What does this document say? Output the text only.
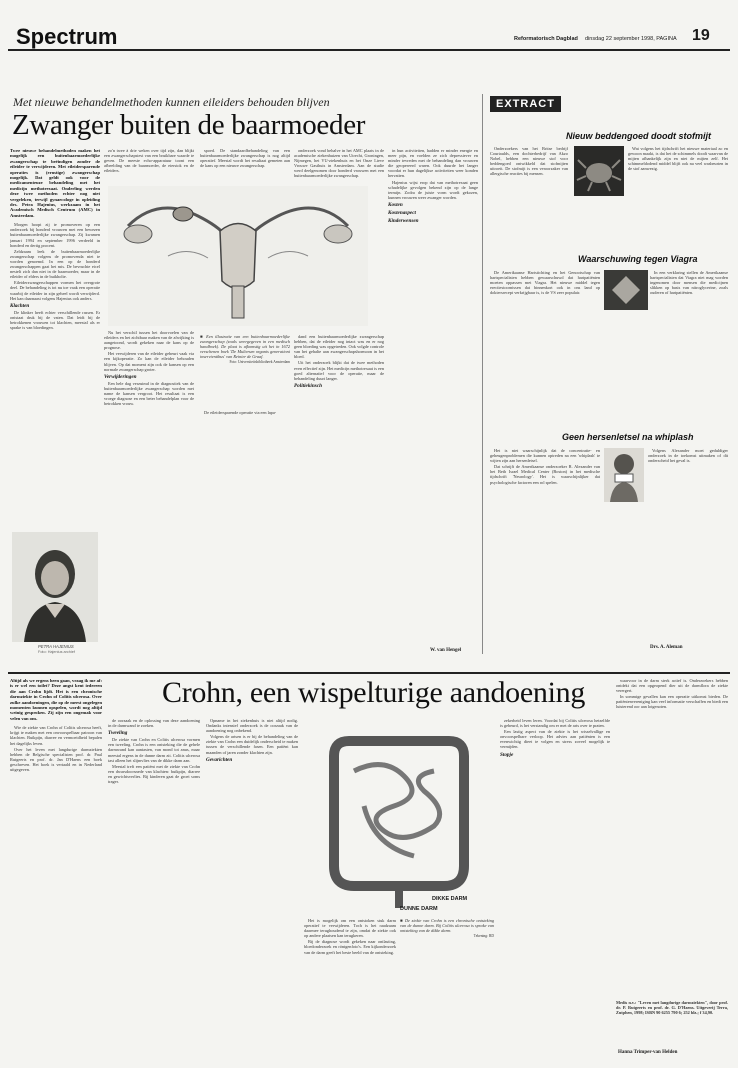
Spectrum	Reformatorisch Dagblad dinsdag 22 september 1998, PAGINA 19
Met nieuwe behandelmethoden kunnen eileiders behouden blijven
Zwanger buiten de baarmoeder
Twee nieuwe behandelmethoden maken het mogelijk een buitenbaarmoederlijke zwangerschap te beëindigen zonder de eileider te verwijderen. Met eileidersparende operaties is (ernstige) zwangerschap mogelijk. Dat geldt ook voor de medicamenteuze behandeling met het medicijn methotrexaat. Onderling werden deze twee methoden echter nog niet vergeleken, terwijl gynaecologe in opleiding drs. Petra Hajenius, werkzaam in het Academisch Medisch Centrum (AMC) in Amsterdam.

Morgen hoopt zij te promoveren op een onderzoek bij honderd vrouwen met een bewezen buitenbaarmoederlijke zwangerschap. Zij kwamen januari 1994 en september 1996 verdeeld in honderd en dertig procent.

Zeldzaam leek de buitenbaarmoederlijke zwangerschap volgens de promovenda niet te worden genoemd. In een op de honderd zwangerschappen gaat het mis. De bevruchte eicel nestelt zich dan niet in de baarmoeder, maar in de eileider of elders in de buikholte.

Eileiderzwangerschappen vormen het overgrote deel. De behandeling is tot nu toe vaak een operatie waarbij de eileider in zijn geheel wordt verwijderd. Het kan daarnaast volgens Hajenius ook anders.

Klachten

De klinker heeft echter verschillende rassen. Er ontstaat druk bij de vaten. Dat leidt bij de betrokkenen vrouwen tot klachten, meestal als er sprake is van bloedingen.

PETRA HAJENIUS
Foto: Hajenius archief

zo'n twee à drie weken over tijd zijn, dan blijkt een zwangerschapstest van een bruikbare waarde te geven. De meeste echo-apparatuur toont een afbeelding van de baarmoeder, de eierstok en de eileiders.

Nu het verschil tussen het doorvoelen van de eileiders en het zichtbaar maken van de afwijking is aangetoond, wordt gekeken naar de kans op de prognose.

Het verwijderen van de eileider gebeurt vaak via een kijkoperatie. Zo kan de eileider behouden blijven. Op dat moment zijn ook de kansen op een normale zwangerschap groter.

Verwijderingen

Een hele dag verzuimd in de diagnostiek van de buitenbaarmoederlijke zwangerschap worden met name de kansen vergroot. Het resultaat is een vroege diagnose en een beter behandelplan voor de betrokken vrouw.

spoed. De standaardbehandeling van een buitenbaarmoederlijke zwangerschap is nog altijd operatief. Meestal wordt het resultaat gemeten aan de kans op een nieuwe zwangerschap.

■ Een illustratie van een buitenbaarmoederlijke zwangerschap (zoals weergegeven in een medisch handboek). De plaat is afkomstig uit het in 1672 verschenen boek 'De Mulierum organis generationi inservientibus' van Reinier de Graaf.

Foto: Universiteitsbibliotheek Amsterdam

De eileidersparende operatie via een lapa-

onderzoek vond behalve in het AMC plaats in de academische ziekenhuizen van Utrecht, Groningen, Nijmegen, het VU-ziekenhuis en het Onze Lieve Vrouwe Gasthuis in Amsterdam. Aan de studie werd deelgenomen door honderd vrouwen met een buitenbaarmoederlijke zwangerschap.

dand een buitenbaarmoederlijke zwangerschap hebben, dat de eileider nog intact was en er nog geen bloeding was opgetreden. Ook volgde controle van het gehalte aan zwangerschapshormoon in het bloed.

Uit het onderzoek blijkt dat de twee methoden even effectief zijn. Het medicijn methotrexaat is een goed alternatief voor de operatie, maar de behandeling duurt langer.

Politiekinsch

in hun activiteiten, hadden er minder energie en meer pijn, en voelden ze zich depressiever en minder tevreden met de behandeling dan vrouwen die geopereerd waren. Ook duurde het langer voordat er hun dagelijkse activiteiten weer konden hervatten.

Hajenius wijst erop dat van methotrexaat geen schadelijke gevolgen bekend zijn op de lange termijn. Zodra de juiste vorm wordt gekozen, kunnen vrouwen weer zwanger worden.

Kosten
Kostenaspect
Kinderwensen
W. van Hengel
EXTRACT
Nieuw beddengoed doodt stofmijt

Onderzoekers van het Britse bedrijf Courtaulds, een dochterbedrijf van Akzo Nobel, hebben een nieuwe stof voor beddengoed ontwikkeld dat stofmijten uitroeit. De stofmijt is een veroorzaker van allergische reacties bij mensen.

Wat volgens het tijdschrift het nieuwe materiaal zo en gewoon maakt, is dat het de schimmels doodt waarvan de mijten afhankelijk zijn en niet de mijten zelf. Het schimmeldodend middel blijft ook na veel wasbeurten in de stof aanwezig.

Waarschuwing tegen Viagra

De Amerikaanse Hartstichting en het Genootschap van hartspecialisten hebben gewaarschuwd dat hartpatiënten moeten oppassen met Viagra. Het nieuwe middel tegen erectiestoornissen dat binnenkort ook in ons land op doktersrecept verkrijgbaar is, is de VS zeer populair.

In een verklaring stellen de Amerikaanse hartspecialisten dat Viagra niet mag worden ingenomen door mensen die medicijnen slikken op basis van nitroglycerine, zoals ouderen of hartpatiënten.

Geen hersenletsel na whiplash

Het is niet waarschijnlijk dat de concentratie- en geheugenproblemen die kunnen optreden na een 'whiplash' te wijten zijn aan hersenletsel.

Dat schrijft de Amerikaanse onderzoeker R. Alexander van het Beth Israel Medical Center (Boston) in het medische tijdschrift 'Neurology'. Het is waarschijnlijker dat psychologische factoren een rol spelen.

Volgens Alexander moet geduldiger onderzoek in de toekomst uitmaken of dit onderscheid het geval is.

Drs. A. Aleman
Crohn, een wispelturige aandoening
Altijd als we ergens heen gaan, vraag ik me af: is er wel een toilet? Deze angst kent iedereen die aan Crohn lijdt. Het is een chronische darmziekte in Crohn of Colitis ulcerosa. Over zulke aandoeningen, die op de meest ongelegen momenten kunnen opspelen, wordt nog altijd weinig gesproken. Zij zijn een ongemak voor velen van ons.

Wie de ziekte van Crohn of Colitis ulcerosa heeft, krijgt te maken met een onvoorspelbaar patroon van klachten. Buikpijn, diarree en vermoeidheid bepalen het dagelijks leven.

Over het leven met langdurige darmziekten hebben de Belgische specialisten prof. dr. Paul Rutgeerts en prof. dr. Jan D'Haens een boek geschreven. Het boek is vertaald en in Nederland uitgegeven.

de oorzaak en de oplossing van deze aandoening in de darmwand te zoeken.

Tweeling

De ziekte van Crohn en Colitis ulcerosa vormen een tweeling. Crohn is een ontsteking die de gehele darmwand kan aantasten, van mond tot anus, maar meestal ergens in de dunne darm zit. Colitis ulcerosa tast alleen het slijmvlies van de dikke darm aan.

Meestal treft een patiënt met de ziekte van Crohn een dwarsdoorsnede van klachten: buikpijn, diarree en gewichtsverlies. Bij kinderen gaat de groei soms trager.

Opname in het ziekenhuis is niet altijd nodig. Ondanks intensief onderzoek is de oorzaak van de aandoening nog onbekend.

Volgens de artsen is er bij de behandeling van de ziekte van Crohn een duidelijk onderscheid te maken tussen de verschillende fasen. Een patiënt kan maanden of jaren zonder klachten zijn.

Gevarichten
DIKKE DARM
DUNNE DARM

Het is mogelijk om een ontstoken stuk darm operatief te verwijderen. Toch is het raadzaam daarmee terughoudend te zijn, omdat de ziekte ook op andere plaatsen kan terugkeren.

Bij de diagnose wordt gekeken naar ontlasting, bloedonderzoek en röntgenfoto's. Een kijkonderzoek van de darm geeft het beste beeld van de ontsteking.

■ De ziekte van Crohn is een chronische ontsteking van de dunne darm. Bij Colitis ulcerosa is sprake van ontsteking van de dikke darm.

Tekening: RD

zekerheid leven leren. Voordat bij Colitis ulcerosa hetzelfde is gebeurd, is het verstandig om er met de arts over te praten.

Een lastig aspect van de ziekte is het wisselvallige en onvoorspelbare verloop. Het advies aan patiënten is een evenwichtig dieet te volgen en stress zoveel mogelijk te vermijden.

Stopje

waarvoor in de darm sterk actief is. Onderzoekers hebben ontdekt dat een opgeopend dier uit de darmflora de ziekte verergert.

In sommige gevallen kan een operatie uitkomst bieden. De patiëntenvereniging kan veel informatie verschaffen en biedt een luisterend oor aan lotgenoten.

Medis n.v.: "Leven met langdurige darmziekten", door prof. dr. P. Rutgeerts en prof. dr. G. D'Haens. Uitgeverij Terra, Zutphen, 1998; ISBN 90 6255 790 6; 252 blz.; f 34,90.

Hanna Trimper-van Helden
